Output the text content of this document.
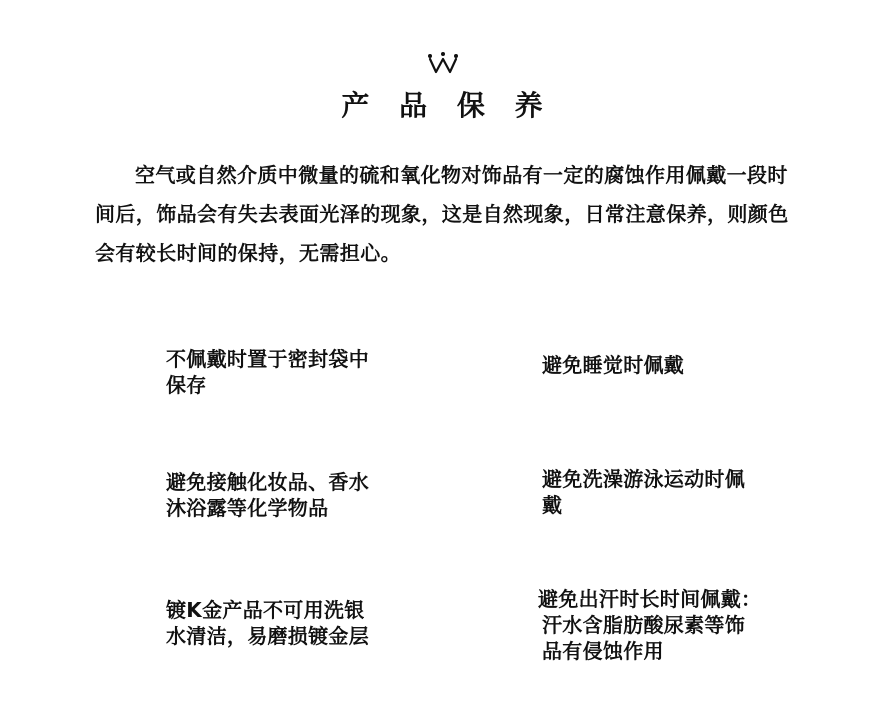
产 品 保 养
空气或自然介质中微量的硫和氧化物对饰品有一定的腐蚀作用佩戴一段时间后，饰品会有失去表面光泽的现象，这是自然现象，日常注意保养，则颜色会有较长时间的保持，无需担心。

不佩戴时置于密封袋中

保存

避免睡觉时佩戴

避免接触化妆品、香水

沐浴露等化学物品

避免洗澡游泳运动时佩

戴

镀K金产品不可用洗银

水清洁，易磨损镀金层

避免出汗时长时间佩戴：

汗水含脂肪酸尿素等饰

品有侵蚀作用
